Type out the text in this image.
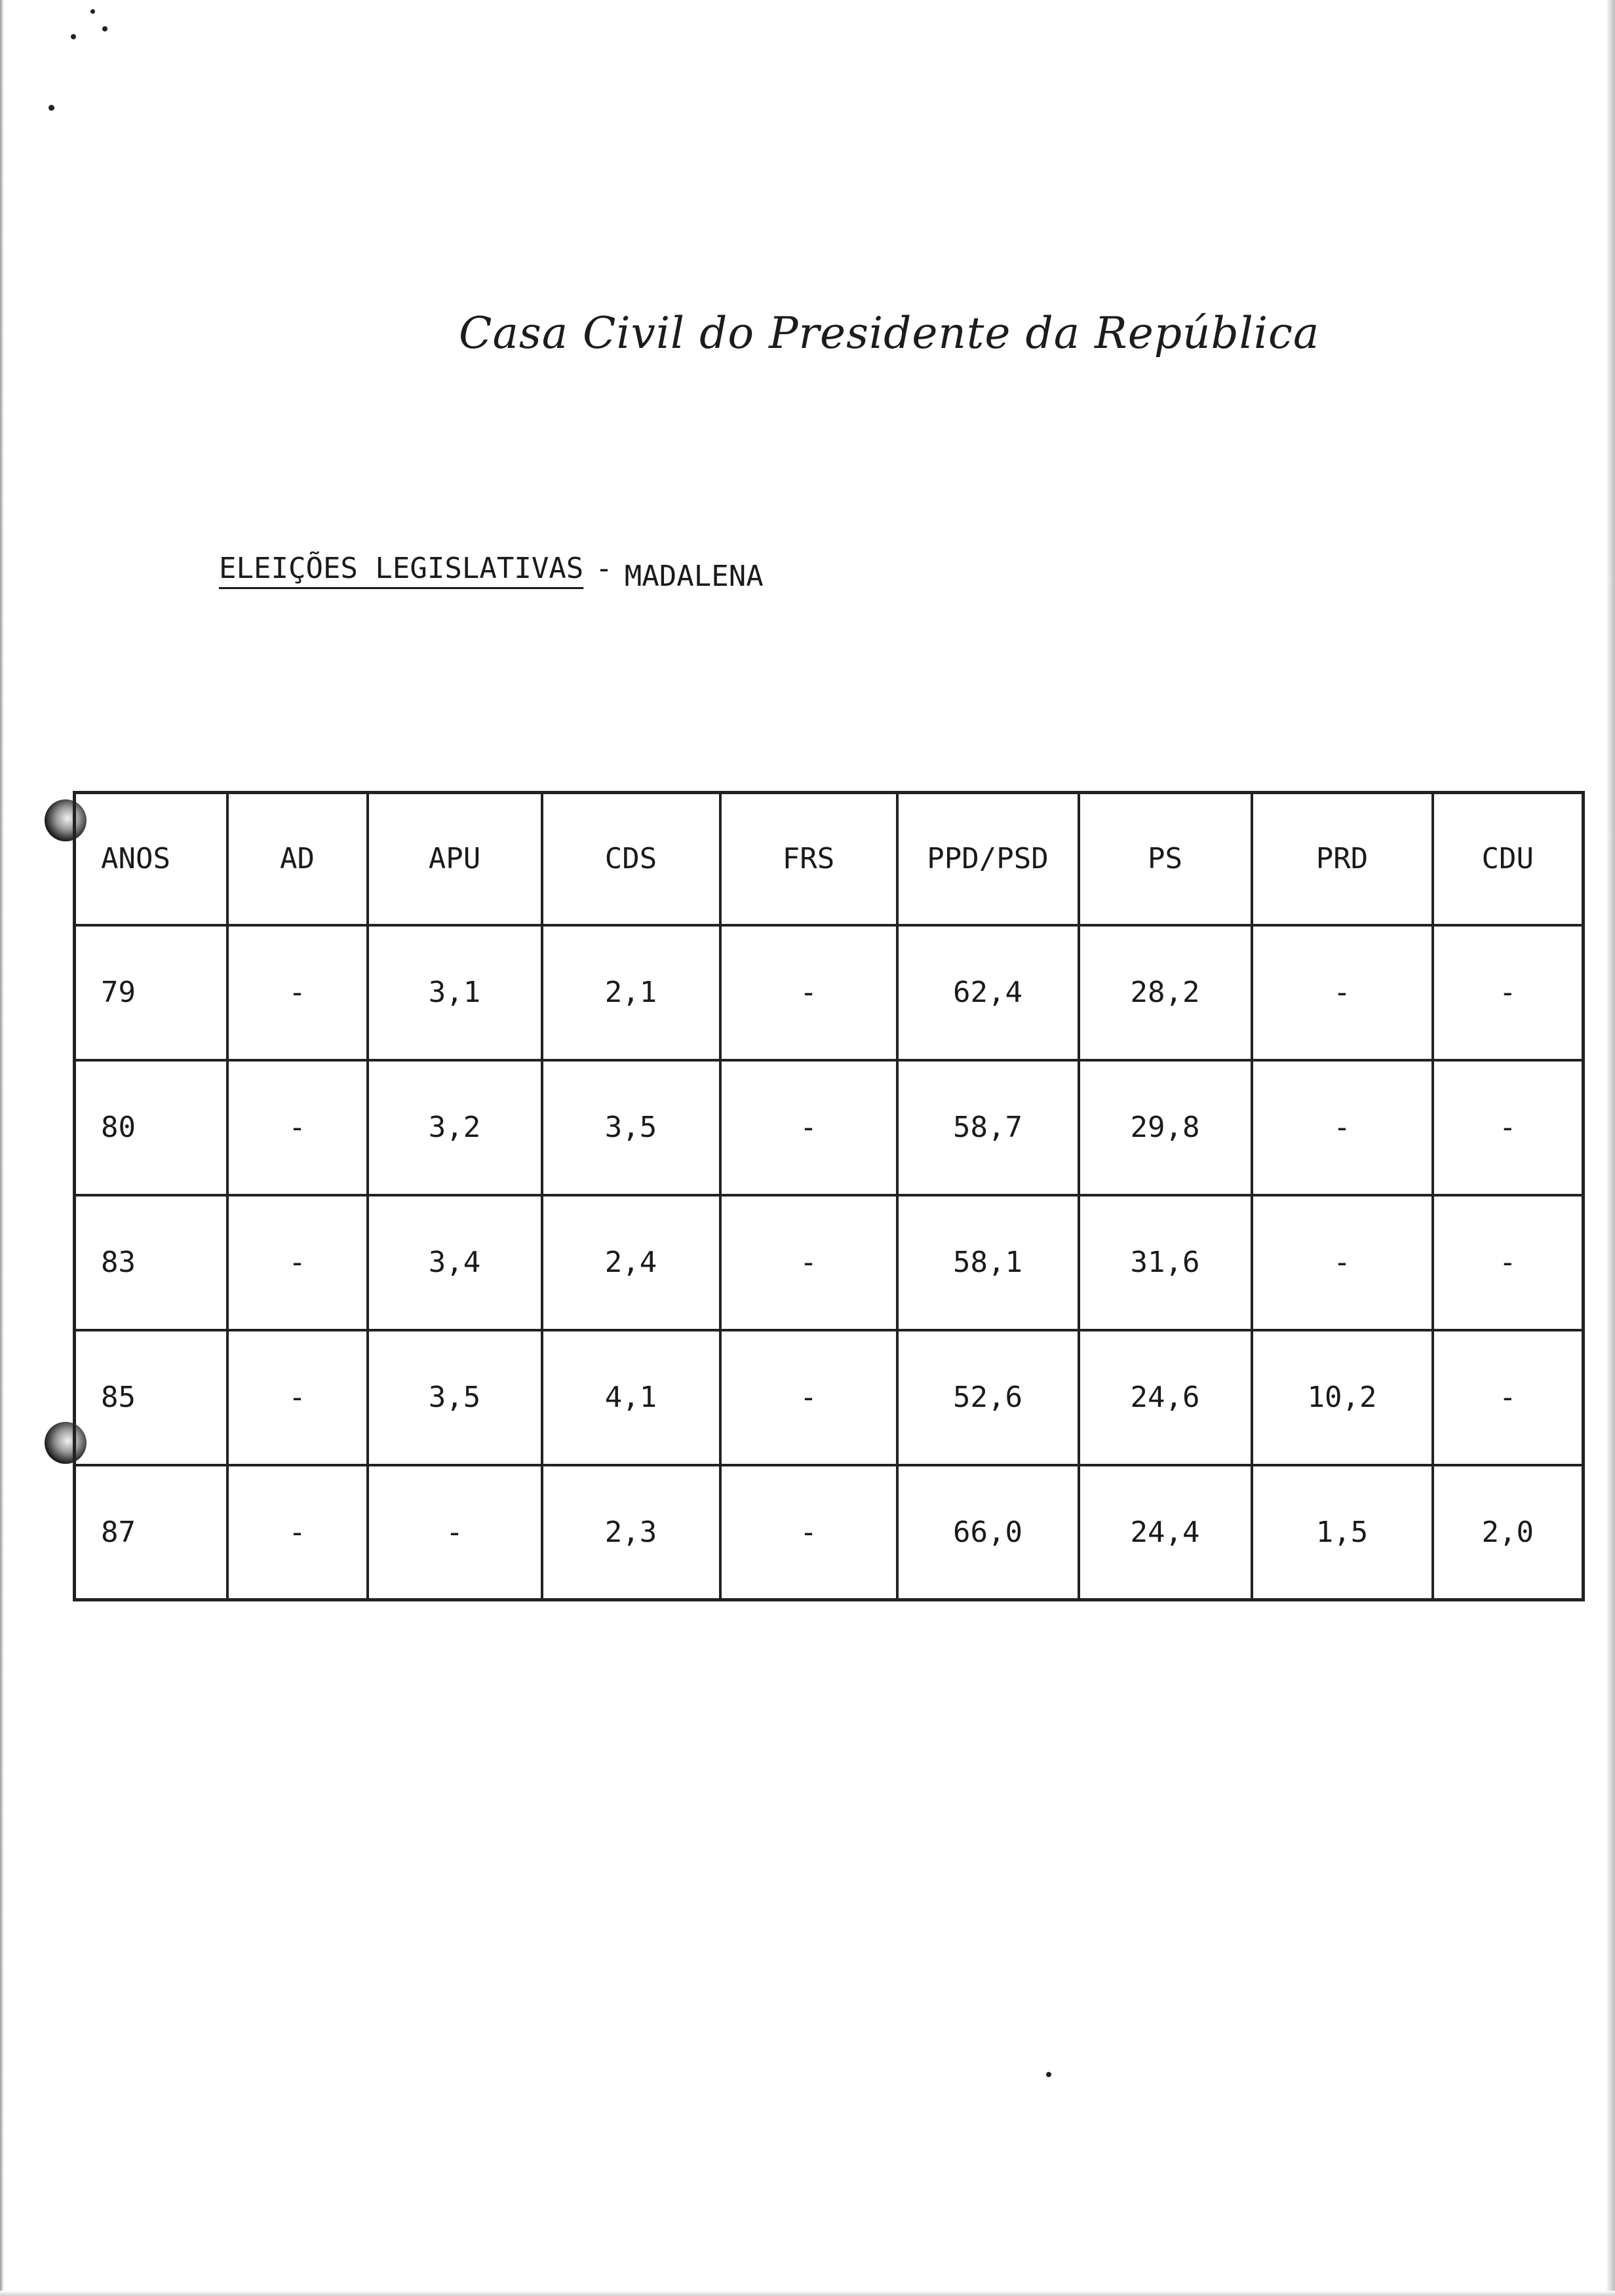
Casa Civil do Presidente da República
ELEIÇÕES LEGISLATIVAS - MADALENA
ANOS	AD	APU	CDS	FRS	PPD/PSD	PS	PRD	CDU
79	-	3,1	2,1	-	62,4	28,2	-	-
80	-	3,2	3,5	-	58,7	29,8	-	-
83	-	3,4	2,4	-	58,1	31,6	-	-
85	-	3,5	4,1	-	52,6	24,6	10,2	-
87	-	-	2,3	-	66,0	24,4	1,5	2,0
